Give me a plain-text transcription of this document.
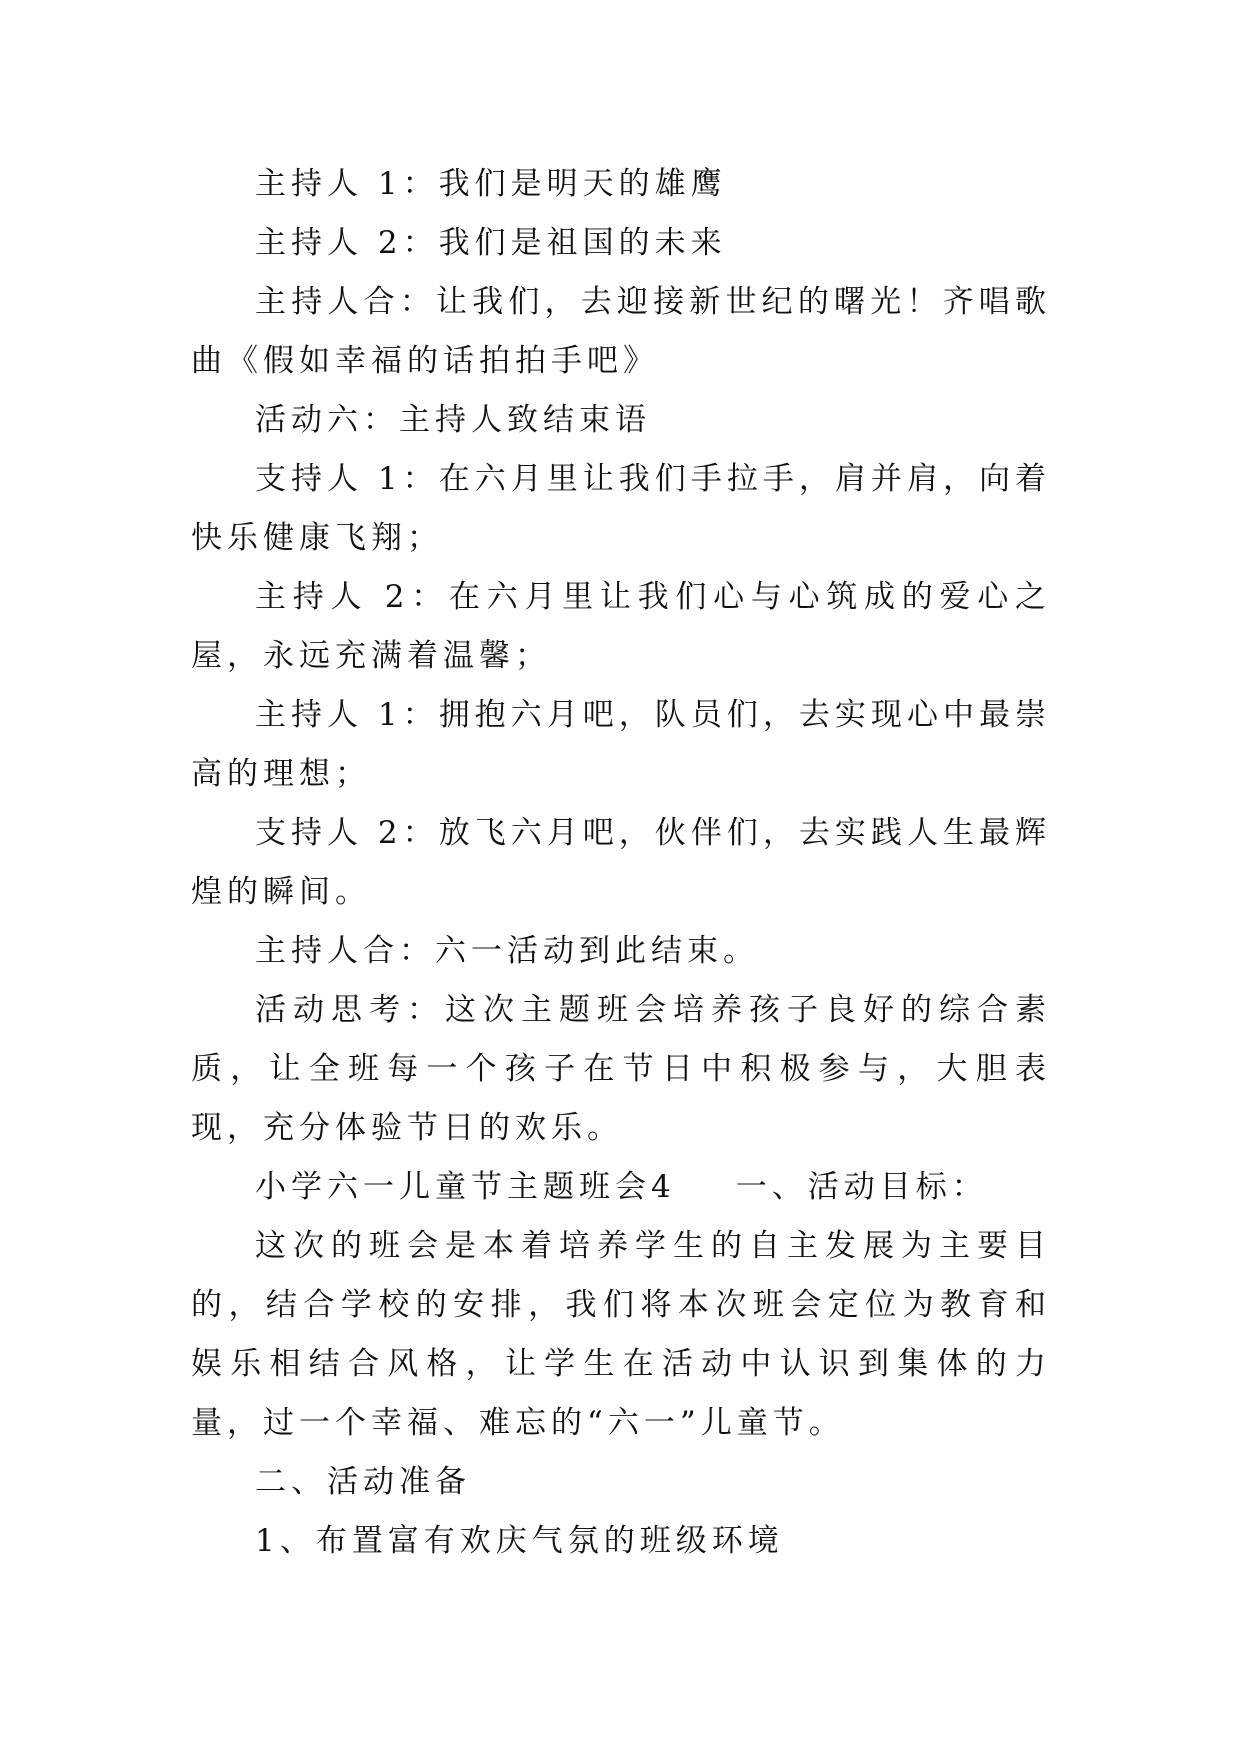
主持人 1：我们是明天的雄鹰

主持人 2：我们是祖国的未来

主持人合：让我们，去迎接新世纪的曙光！齐唱歌曲《假如幸福的话拍拍手吧》

活动六：主持人致结束语

支持人 1：在六月里让我们手拉手，肩并肩，向着快乐健康飞翔；

主持人 2：在六月里让我们心与心筑成的爱心之屋，永远充满着温馨；

主持人 1：拥抱六月吧，队员们，去实现心中最崇高的理想；

支持人 2：放飞六月吧，伙伴们，去实践人生最辉煌的瞬间。

主持人合：六一活动到此结束。

活动思考：这次主题班会培养孩子良好的综合素质，让全班每一个孩子在节日中积极参与，大胆表现，充分体验节日的欢乐。

小学六一儿童节主题班会4 一、活动目标：

这次的班会是本着培养学生的自主发展为主要目的，结合学校的安排，我们将本次班会定位为教育和娱乐相结合风格，让学生在活动中认识到集体的力量，过一个幸福、难忘的“六一”儿童节。

二、活动准备

1、布置富有欢庆气氛的班级环境
